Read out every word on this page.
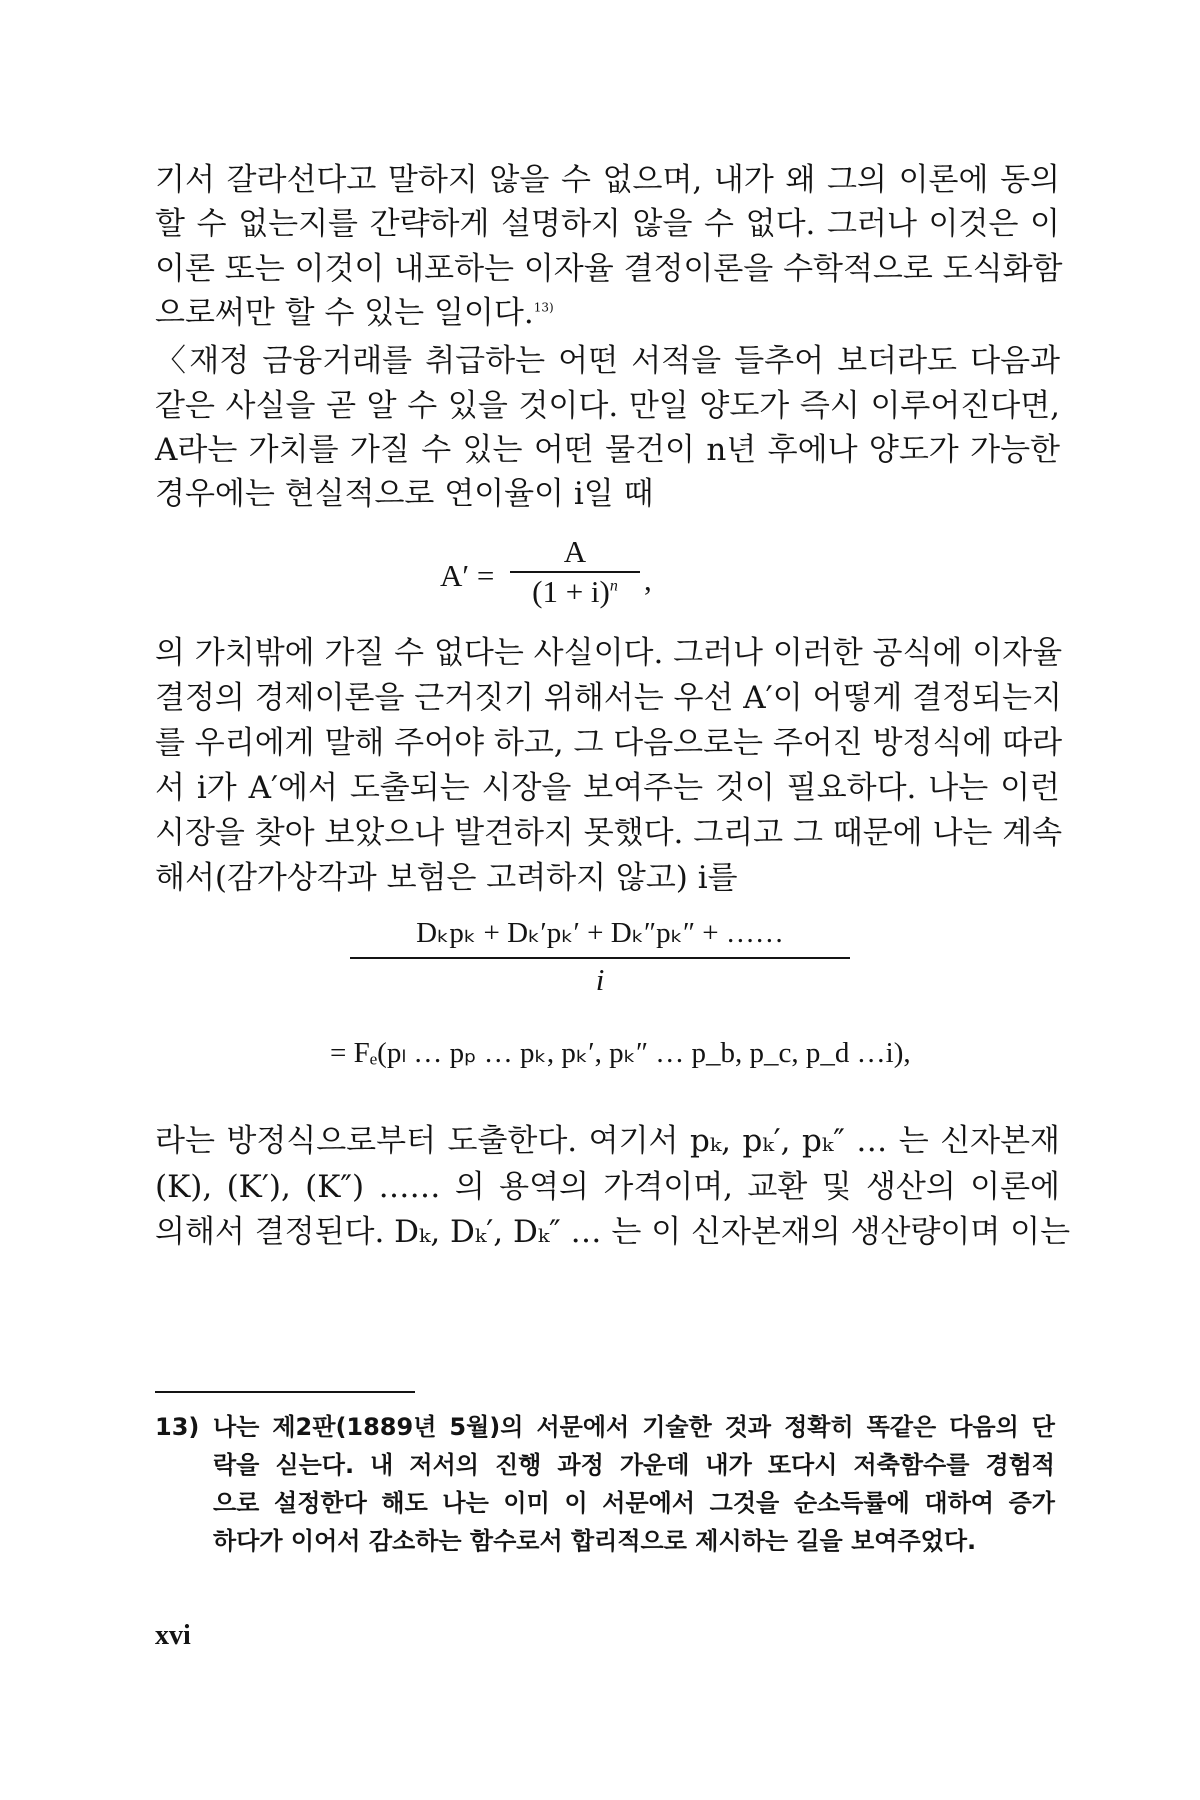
기서 갈라선다고 말하지 않을 수 없으며, 내가 왜 그의 이론에 동의
할 수 없는지를 간략하게 설명하지 않을 수 없다. 그러나 이것은 이
이론 또는 이것이 내포하는 이자율 결정이론을 수학적으로 도식화함
으로써만 할 수 있는 일이다.$^{13)}$
〈재정 금융거래를 취급하는 어떤 서적을 들추어 보더라도 다음과
같은 사실을 곧 알 수 있을 것이다. 만일 양도가 즉시 이루어진다면,
A라는 가치를 가질 수 있는 어떤 물건이 n년 후에나 양도가 가능한
경우에는 현실적으로 연이율이 i일 때
A′ =
A
$(1 + i)^n$ ,
의 가치밖에 가질 수 없다는 사실이다. 그러나 이러한 공식에 이자율
결정의 경제이론을 근거짓기 위해서는 우선 A′이 어떻게 결정되는지
를 우리에게 말해 주어야 하고, 그 다음으로는 주어진 방정식에 따라
서 i가 A′에서 도출되는 시장을 보여주는 것이 필요하다. 나는 이런
시장을 찾아 보았으나 발견하지 못했다. 그리고 그 때문에 나는 계속
해서(감가상각과 보험은 고려하지 않고) i를
Dₖpₖ + Dₖ′pₖ′ + Dₖ″pₖ″ + ……
i
= Fₑ(pₗ … pₚ … pₖ, pₖ′, pₖ″ … p_b, p_c, p_d …i),
라는 방정식으로부터 도출한다. 여기서 pₖ, pₖ′, pₖ″ … 는 신자본재
(K), (K′), (K″) …… 의 용역의 가격이며, 교환 및 생산의 이론에
의해서 결정된다. Dₖ, Dₖ′, Dₖ″ … 는 이 신자본재의 생산량이며 이는
13) 나는 제2판(1889년 5월)의 서문에서 기술한 것과 정확히 똑같은 다음의 단
락을 싣는다. 내 저서의 진행 과정 가운데 내가 또다시 저축함수를 경험적
으로 설정한다 해도 나는 이미 이 서문에서 그것을 순소득률에 대하여 증가
하다가 이어서 감소하는 함수로서 합리적으로 제시하는 길을 보여주었다.
xvi
